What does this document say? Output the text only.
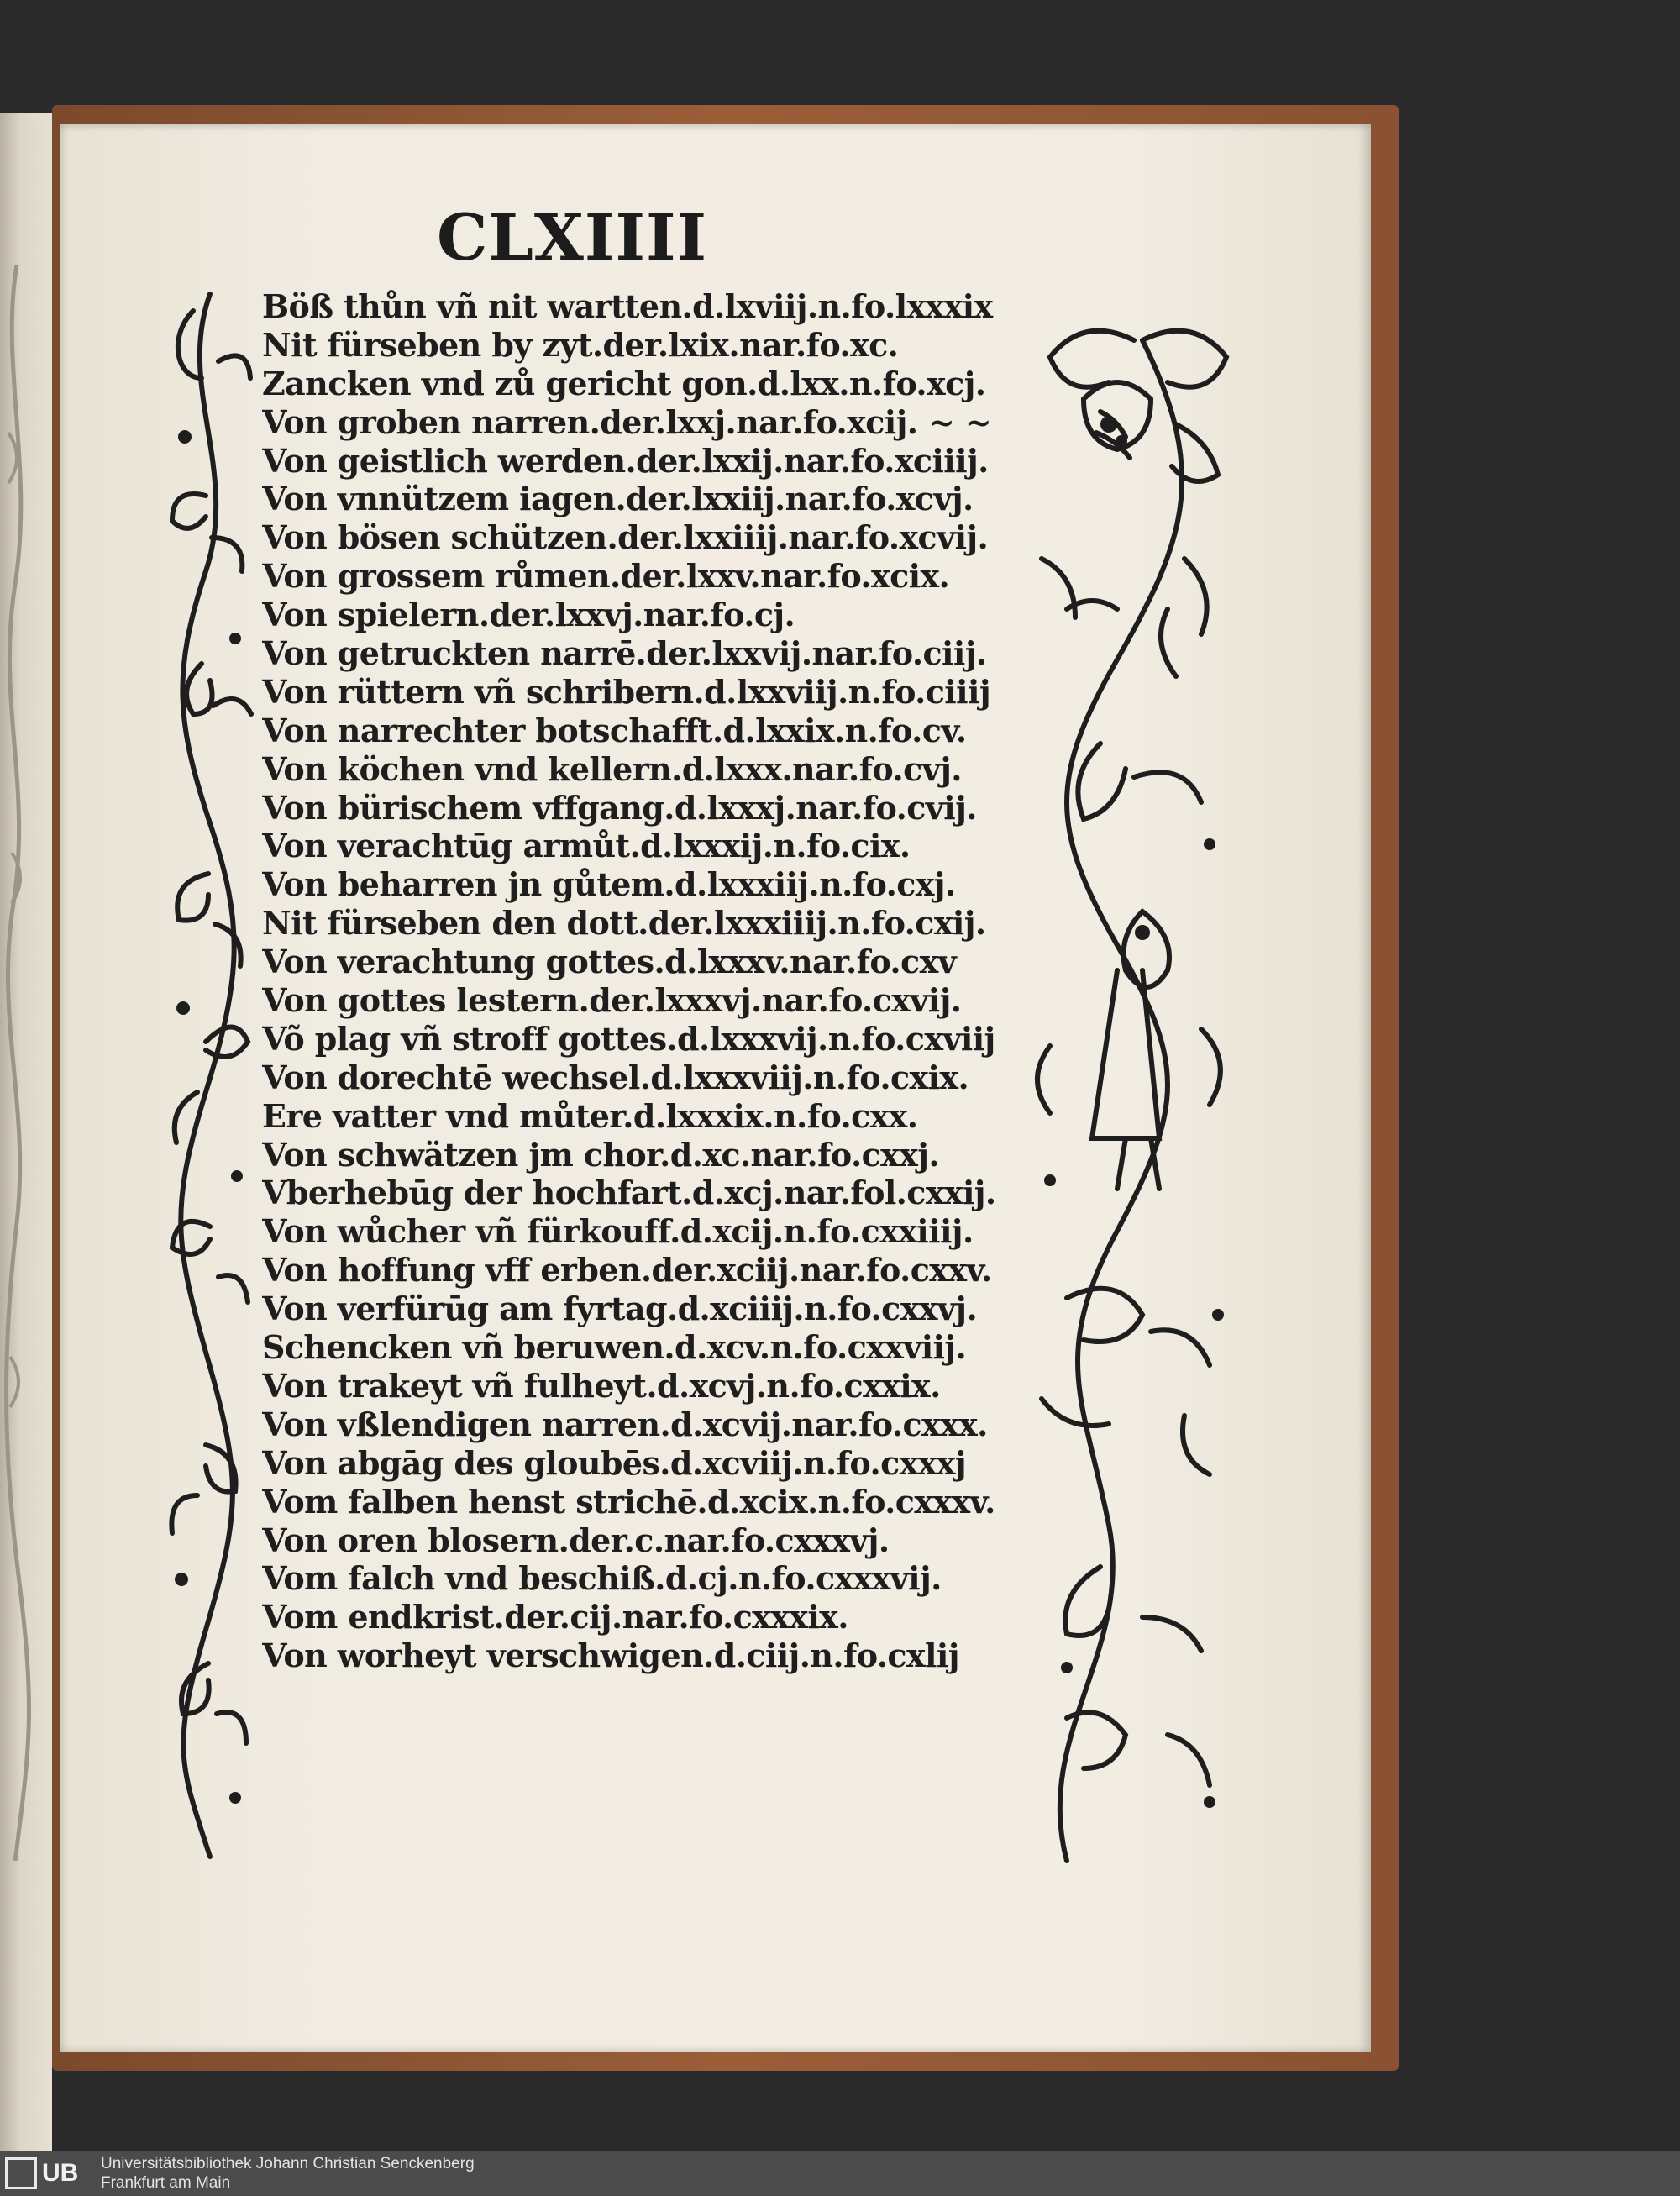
CLXIIII
Böß thůn vñ nit wartten.d.lxviij.n.fo.lxxxix
Nit fürseben by zyt.der.lxix.nar.fo.xc.
Zancken vnd zů gericht gon.d.lxx.n.fo.xcj.
Von groben narren.der.lxxj.nar.fo.xcij. ~ ~
Von geistlich werden.der.lxxij.nar.fo.xciiij.
Von vnnützem iagen.der.lxxiij.nar.fo.xcvj.
Von bösen schützen.der.lxxiiij.nar.fo.xcvij.
Von grossem růmen.der.lxxv.nar.fo.xcix.
Von spielern.der.lxxvj.nar.fo.cj.
Von getruckten narrē.der.lxxvij.nar.fo.ciij.
Von rüttern vñ schribern.d.lxxviij.n.fo.ciiij
Von narrechter botschafft.d.lxxix.n.fo.cv.
Von köchen vnd kellern.d.lxxx.nar.fo.cvj.
Von bürischem vffgang.d.lxxxj.nar.fo.cvij.
Von verachtūg armůt.d.lxxxij.n.fo.cix.
Von beharren jn gůtem.d.lxxxiij.n.fo.cxj.
Nit fürseben den dott.der.lxxxiiij.n.fo.cxij.
Von verachtung gottes.d.lxxxv.nar.fo.cxv
Von gottes lestern.der.lxxxvj.nar.fo.cxvij.
Võ plag vñ stroff gottes.d.lxxxvij.n.fo.cxviij
Von dorechtē wechsel.d.lxxxviij.n.fo.cxix.
Ere vatter vnd můter.d.lxxxix.n.fo.cxx.
Von schwätzen jm chor.d.xc.nar.fo.cxxj.
Vberhebūg der hochfart.d.xcj.nar.fol.cxxij.
Von wůcher vñ fürkouff.d.xcij.n.fo.cxxiiij.
Von hoffung vff erben.der.xciij.nar.fo.cxxv.
Von verfürūg am fyrtag.d.xciiij.n.fo.cxxvj.
Schencken vñ beruwen.d.xcv.n.fo.cxxviij.
Von trakeyt vñ fulheyt.d.xcvj.n.fo.cxxix.
Von vßlendigen narren.d.xcvij.nar.fo.cxxx.
Von abgāg des gloubēs.d.xcviij.n.fo.cxxxj
Vom falben henst strichē.d.xcix.n.fo.cxxxv.
Von oren blosern.der.c.nar.fo.cxxxvj.
Vom falch vnd beschiß.d.cj.n.fo.cxxxvij.
Vom endkrist.der.cij.nar.fo.cxxxix.
Von worheyt verschwigen.d.ciij.n.fo.cxlij
UB Universitätsbibliothek Johann Christian Senckenberg
Frankfurt am Main
